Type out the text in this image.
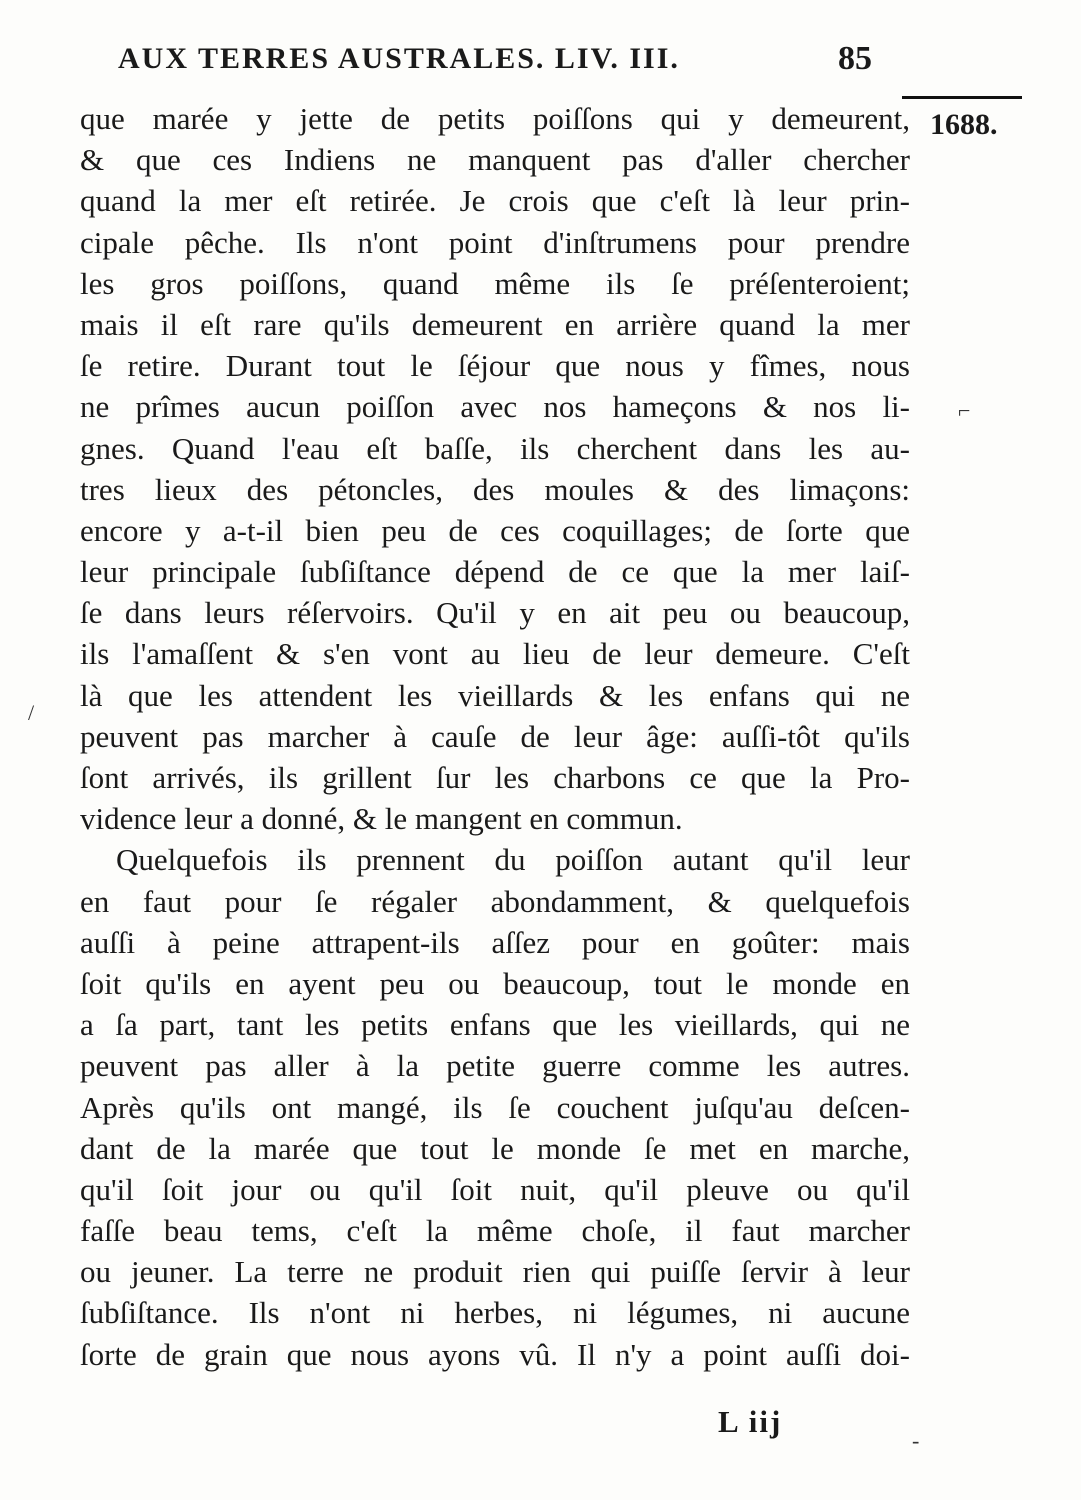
AUX TERRES AUSTRALES. LIV. III.	85
1688.
que marée y jette de petits poiſſons qui y demeurent,
& que ces Indiens ne manquent pas d'aller chercher
quand la mer eſt retirée. Je crois que c'eſt là leur prin-
cipale pêche. Ils n'ont point d'inſtrumens pour prendre
les gros poiſſons, quand même ils ſe préſenteroient;
mais il eſt rare qu'ils demeurent en arrière quand la mer
ſe retire. Durant tout le ſéjour que nous y fîmes, nous
ne prîmes aucun poiſſon avec nos hameçons & nos li-
gnes. Quand l'eau eſt baſſe, ils cherchent dans les au-
tres lieux des pétoncles, des moules & des limaçons:
encore y a-t-il bien peu de ces coquillages; de ſorte que
leur principale ſubſiſtance dépend de ce que la mer laiſ-
ſe dans leurs réſervoirs. Qu'il y en ait peu ou beaucoup,
ils l'amaſſent & s'en vont au lieu de leur demeure. C'eſt
là que les attendent les vieillards & les enfans qui ne
peuvent pas marcher à cauſe de leur âge: auſſi-tôt qu'ils
ſont arrivés, ils grillent ſur les charbons ce que la Pro-
vidence leur a donné, & le mangent en commun.
Quelquefois ils prennent du poiſſon autant qu'il leur
en faut pour ſe régaler abondamment, & quelquefois
auſſi à peine attrapent-ils aſſez pour en goûter: mais
ſoit qu'ils en ayent peu ou beaucoup, tout le monde en
a ſa part, tant les petits enfans que les vieillards, qui ne
peuvent pas aller à la petite guerre comme les autres.
Après qu'ils ont mangé, ils ſe couchent juſqu'au deſcen-
dant de la marée que tout le monde ſe met en marche,
qu'il ſoit jour ou qu'il ſoit nuit, qu'il pleuve ou qu'il
faſſe beau tems, c'eſt la même choſe, il faut marcher
ou jeuner. La terre ne produit rien qui puiſſe ſervir à leur
ſubſiſtance. Ils n'ont ni herbes, ni légumes, ni aucune
ſorte de grain que nous ayons vû. Il n'y a point auſſi doi-
L iij
⌐
/
-
